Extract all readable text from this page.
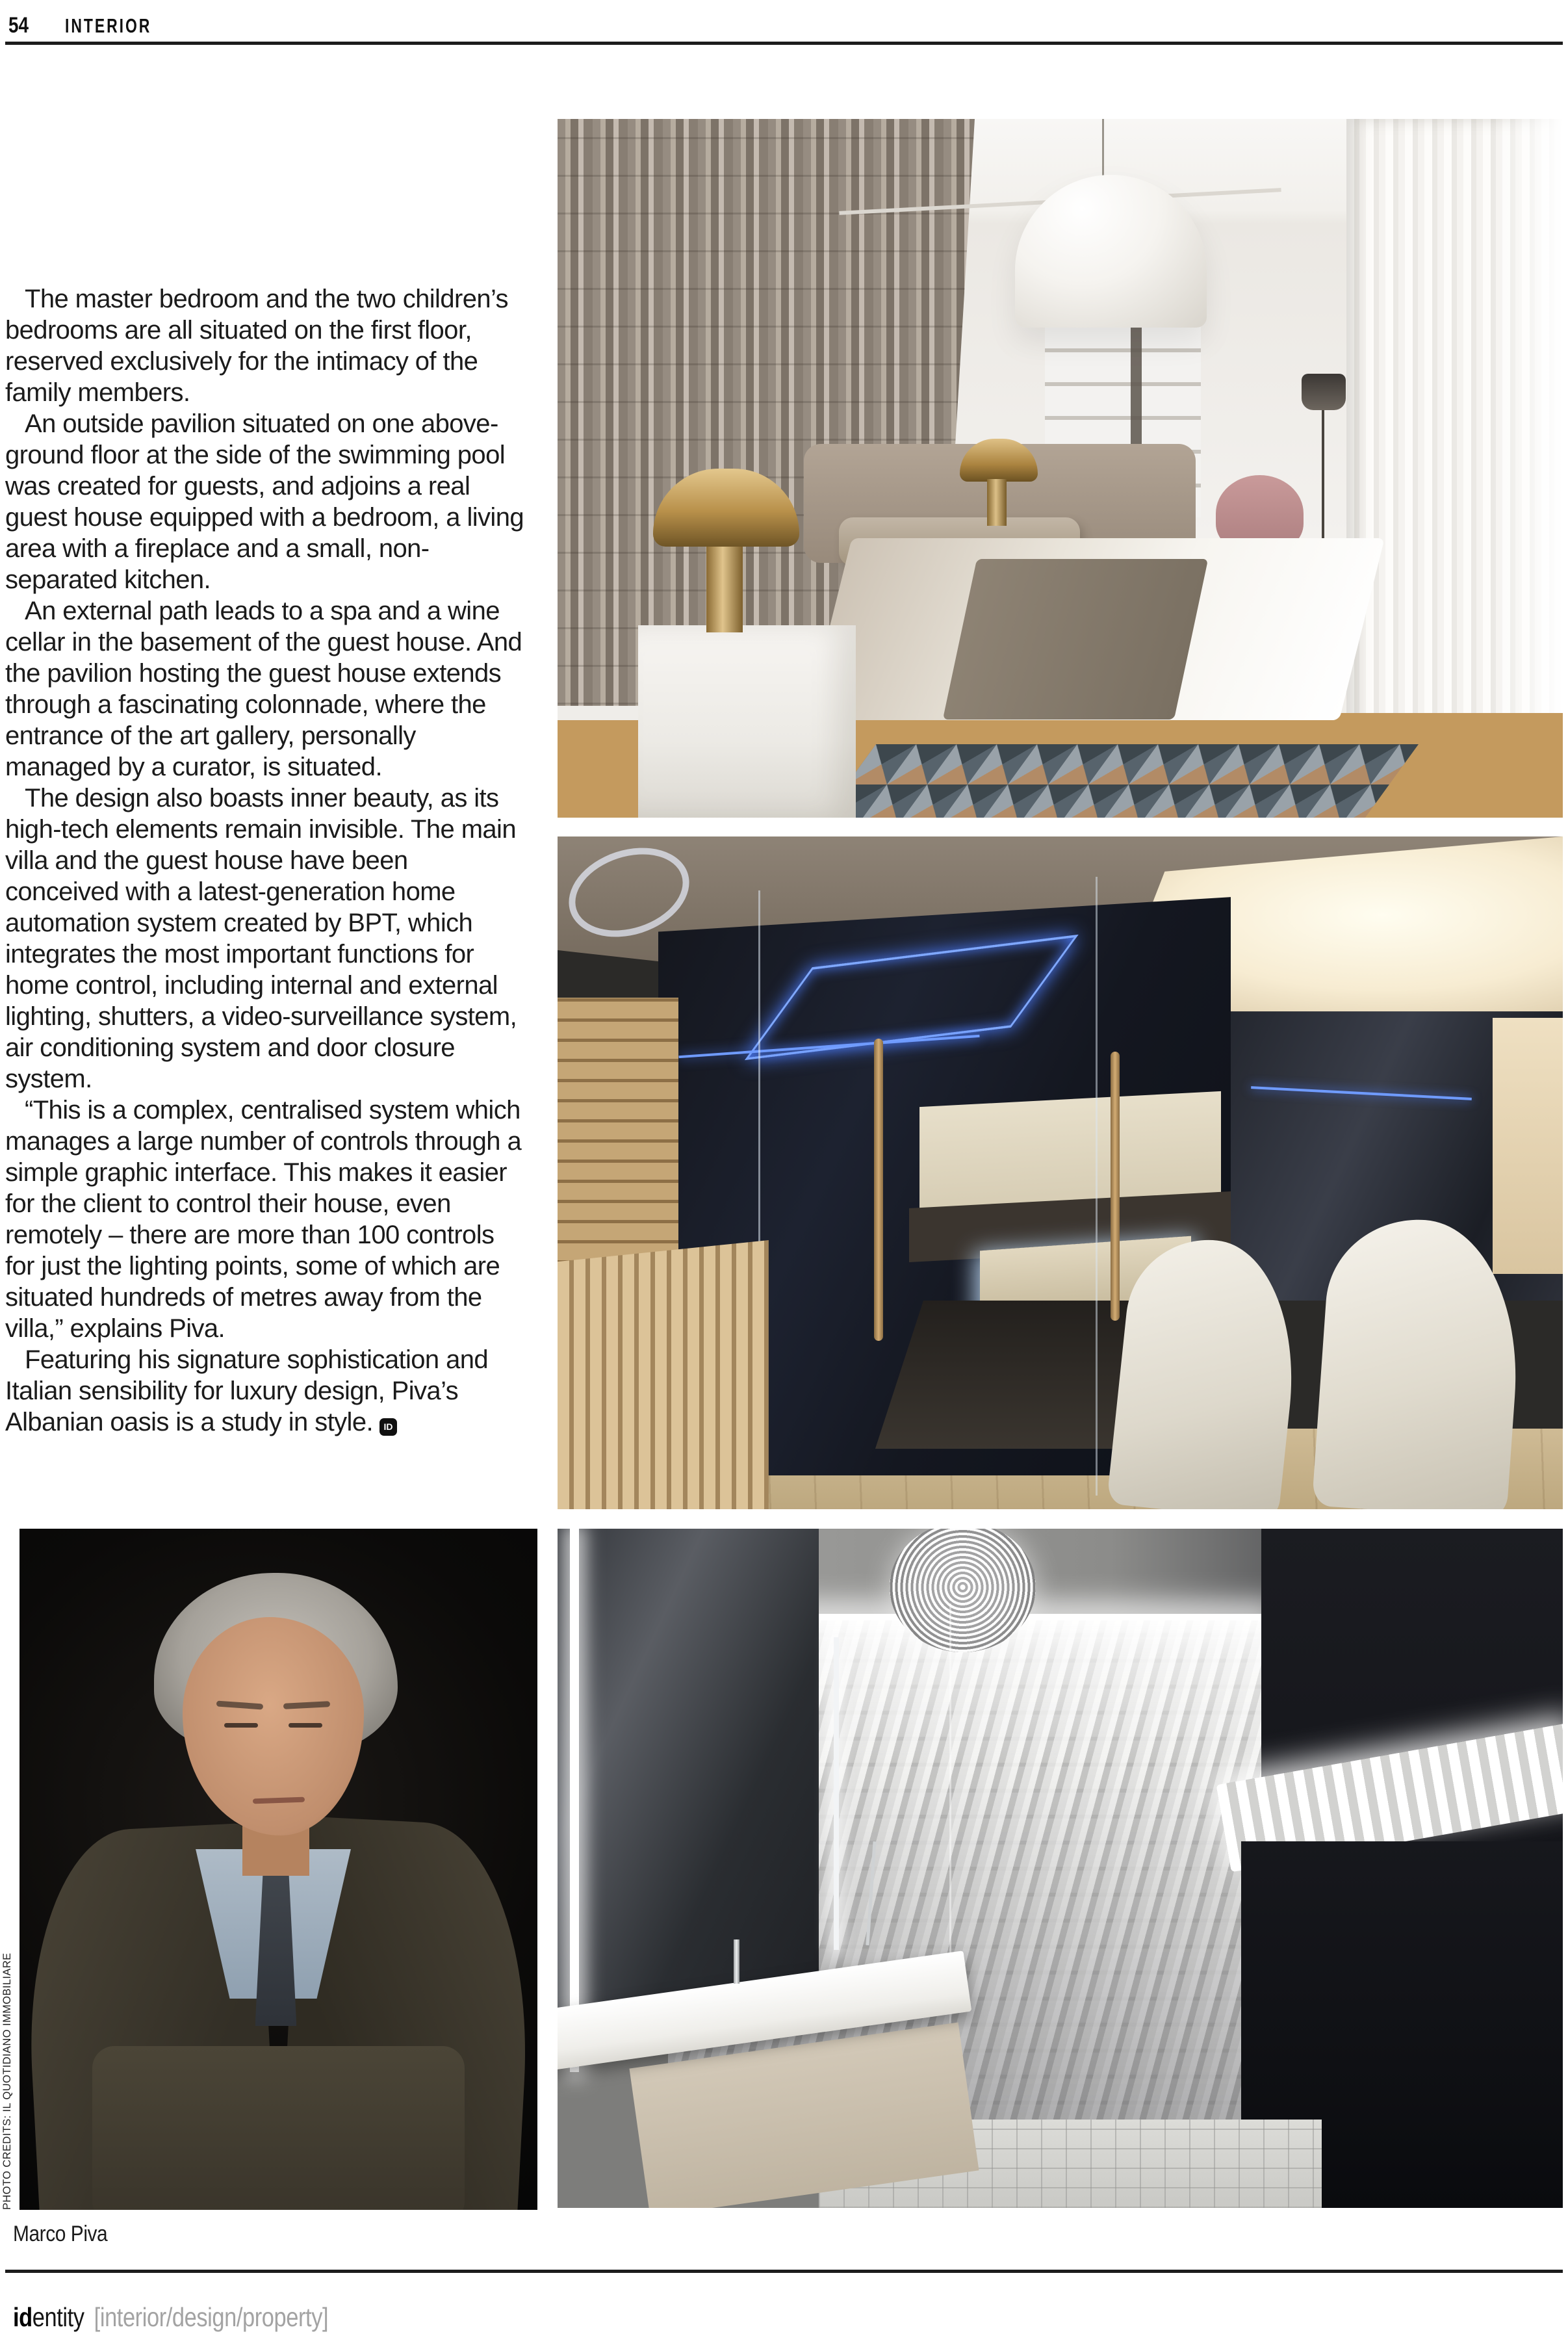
54 INTERIOR

The master bedroom and the two children’s bedrooms are all situated on the first floor, reserved exclusively for the intimacy of the family members.

An outside pavilion situated on one above-ground floor at the side of the swimming pool was created for guests, and adjoins a real guest house equipped with a bedroom, a living area with a fireplace and a small, non-separated kitchen.

An external path leads to a spa and a wine cellar in the basement of the guest house. And the pavilion hosting the guest house extends through a fascinating colonnade, where the entrance of the art gallery, personally managed by a curator, is situated.

The design also boasts inner beauty, as its high-tech elements remain invisible. The main villa and the guest house have been conceived with a latest-generation home automation system created by BPT, which integrates the most important functions for home control, including internal and external lighting, shutters, a video-surveillance system, air conditioning system and door closure system.

“This is a complex, centralised system which manages a large number of controls through a simple graphic interface. This makes it easier for the client to control their house, even remotely – there are more than 100 controls for just the lighting points, some of which are situated hundreds of metres away from the villa,” explains Piva.

Featuring his signature sophistication and Italian sensibility for luxury design, Piva’s Albanian oasis is a study in style. ID

PHOTO CREDITS: IL QUOTIDIANO IMMOBILIARE
Marco Piva
identity [interior/design/property]
